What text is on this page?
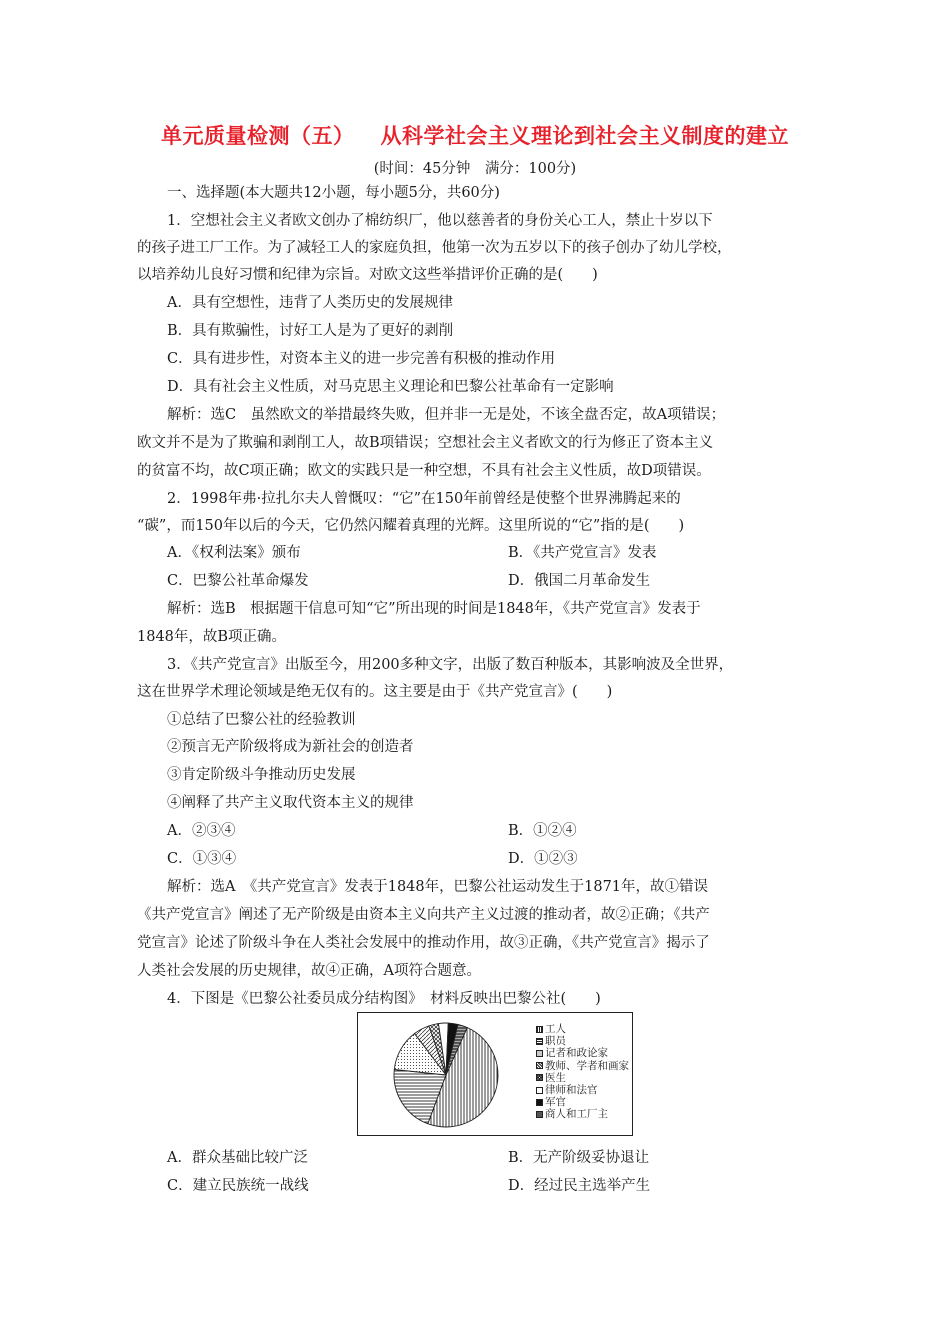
单元质量检测（五） 从科学社会主义理论到社会主义制度的建立
(时间：45分钟　满分：100分)
一、选择题(本大题共12小题，每小题5分，共60分)
1．空想社会主义者欧文创办了棉纺织厂，他以慈善者的身份关心工人，禁止十岁以下
的孩子进工厂工作。为了减轻工人的家庭负担，他第一次为五岁以下的孩子创办了幼儿学校，
以培养幼儿良好习惯和纪律为宗旨。对欧文这些举措评价正确的是(　　)
A．具有空想性，违背了人类历史的发展规律
B．具有欺骗性，讨好工人是为了更好的剥削
C．具有进步性，对资本主义的进一步完善有积极的推动作用
D．具有社会主义性质，对马克思主义理论和巴黎公社革命有一定影响
解析：选C　虽然欧文的举措最终失败，但并非一无是处，不该全盘否定，故A项错误；
欧文并不是为了欺骗和剥削工人，故B项错误；空想社会主义者欧文的行为修正了资本主义
的贫富不均，故C项正确；欧文的实践只是一种空想，不具有社会主义性质，故D项错误。
2．1998年弗·拉扎尔夫人曾慨叹：“它”在150年前曾经是使整个世界沸腾起来的
“碳”，而150年以后的今天，它仍然闪耀着真理的光辉。这里所说的“它”指的是(　　)
A．《权利法案》颁布	B．《共产党宣言》发表
C．巴黎公社革命爆发	D．俄国二月革命发生
解析：选B　根据题干信息可知“它”所出现的时间是1848年，《共产党宣言》发表于
1848年，故B项正确。
3．《共产党宣言》出版至今，用200多种文字，出版了数百种版本，其影响波及全世界，
这在世界学术理论领域是绝无仅有的。这主要是由于《共产党宣言》(　　)
①总结了巴黎公社的经验教训
②预言无产阶级将成为新社会的创造者
③肯定阶级斗争推动历史发展
④阐释了共产主义取代资本主义的规律
A．②③④	B．①②④
C．①③④	D．①②③
解析：选A　《共产党宣言》发表于1848年，巴黎公社运动发生于1871年，故①错误
《共产党宣言》阐述了无产阶级是由资本主义向共产主义过渡的推动者，故②正确；《共产
党宣言》论述了阶级斗争在人类社会发展中的推动作用，故③正确，《共产党宣言》揭示了
人类社会发展的历史规律，故④正确，A项符合题意。
4．下图是《巴黎公社委员成分结构图》　材料反映出巴黎公社(　　)
工人
职员
记者和政论家
教师、学者和画家
医生
律师和法官
军官
商人和工厂主
A．群众基础比较广泛	B．无产阶级妥协退让
C．建立民族统一战线	D．经过民主选举产生
